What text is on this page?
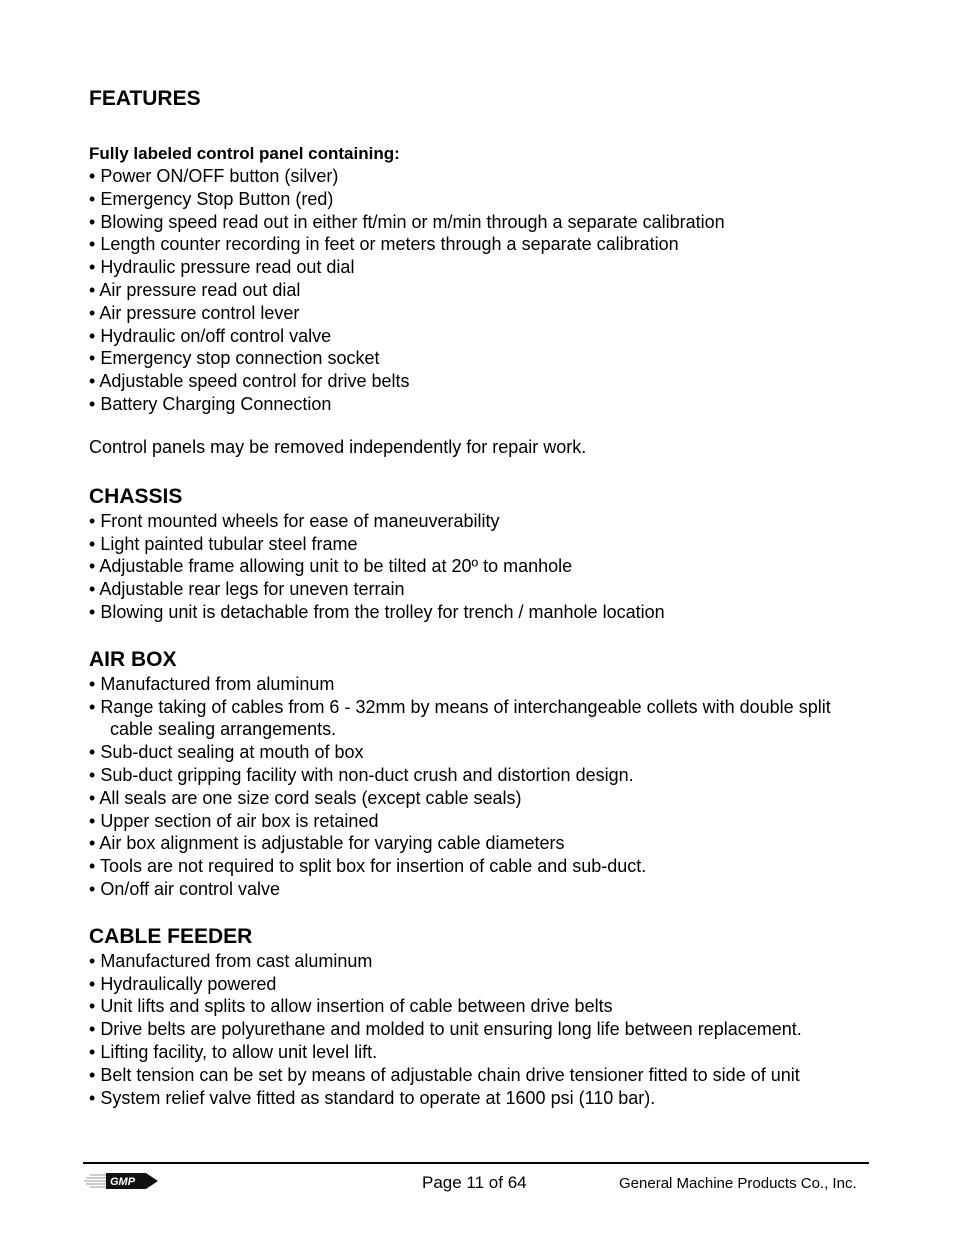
FEATURES

Fully labeled control panel containing:

• Power ON/OFF button (silver)
• Emergency Stop Button (red)
• Blowing speed read out in either ft/min or m/min through a separate calibration
• Length counter recording in feet or meters through a separate calibration
• Hydraulic pressure read out dial
• Air pressure read out dial
• Air pressure control lever
• Hydraulic on/off control valve
• Emergency stop connection socket
• Adjustable speed control for drive belts
• Battery Charging Connection

Control panels may be removed independently for repair work.

CHASSIS
• Front mounted wheels for ease of maneuverability
• Light painted tubular steel frame
• Adjustable frame allowing unit to be tilted at 20º to manhole
• Adjustable rear legs for uneven terrain
• Blowing unit is detachable from the trolley for trench / manhole location
AIR BOX
• Manufactured from aluminum
• Range taking of cables from 6 - 32mm by means of interchangeable collets with double split
cable sealing arrangements.
• Sub-duct sealing at mouth of box
• Sub-duct gripping facility with non-duct crush and distortion design.
• All seals are one size cord seals (except cable seals)
• Upper section of air box is retained
• Air box alignment is adjustable for varying cable diameters
• Tools are not required to split box for insertion of cable and sub-duct.
• On/off air control valve
CABLE FEEDER
• Manufactured from cast aluminum
• Hydraulically powered
• Unit lifts and splits to allow insertion of cable between drive belts
• Drive belts are polyurethane and molded to unit ensuring long life between replacement.
• Lifting facility, to allow unit level lift.
• Belt tension can be set by means of adjustable chain drive tensioner fitted to side of unit
• System relief valve fitted as standard to operate at 1600 psi (110 bar).
GMP	Page 11 of 64	General Machine Products Co., Inc.
